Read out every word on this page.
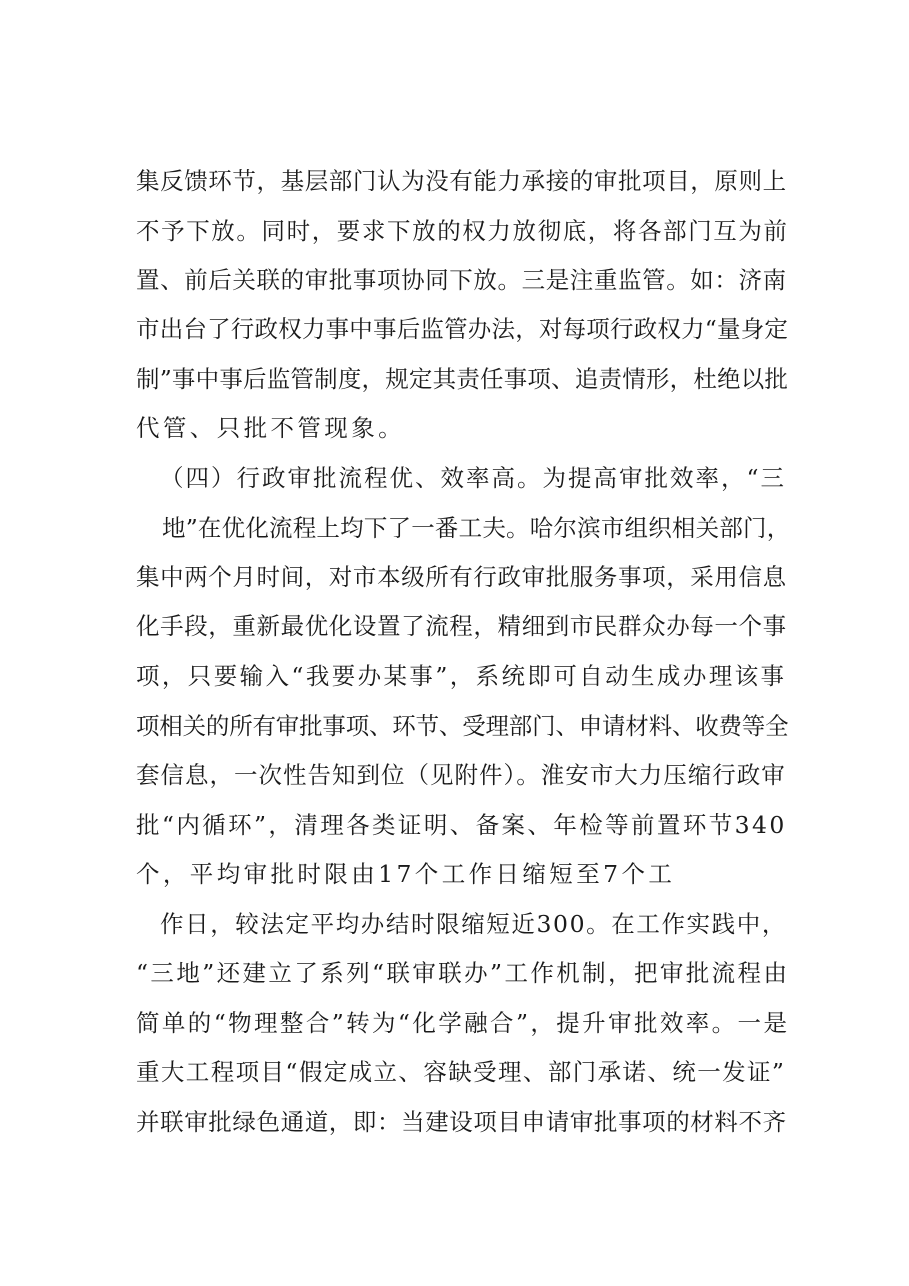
集反馈环节，基层部门认为没有能力承接的审批项目，原则上
不予下放。同时，要求下放的权力放彻底，将各部门互为前
置、前后关联的审批事项协同下放。三是注重监管。如：济南
市出台了行政权力事中事后监管办法，对每项行政权力“量身定
制”事中事后监管制度，规定其责任事项、追责情形，杜绝以批
代管、只批不管现象。
（四）行政审批流程优、效率高。为提高审批效率，“三
地”在优化流程上均下了一番工夫。哈尔滨市组织相关部门，
集中两个月时间，对市本级所有行政审批服务事项，采用信息
化手段，重新最优化设置了流程，精细到市民群众办每一个事
项，只要输入“我要办某事”，系统即可自动生成办理该事
项相关的所有审批事项、环节、受理部门、申请材料、收费等全
套信息，一次性告知到位（见附件）。淮安市大力压缩行政审
批“内循环”，清理各类证明、备案、年检等前置环节340
个，平均审批时限由17个工作日缩短至7个工
作日，较法定平均办结时限缩短近300。在工作实践中，
“三地”还建立了系列“联审联办”工作机制，把审批流程由
简单的“物理整合”转为“化学融合”，提升审批效率。一是
重大工程项目“假定成立、容缺受理、部门承诺、统一发证”
并联审批绿色通道，即：当建设项目申请审批事项的材料不齐
